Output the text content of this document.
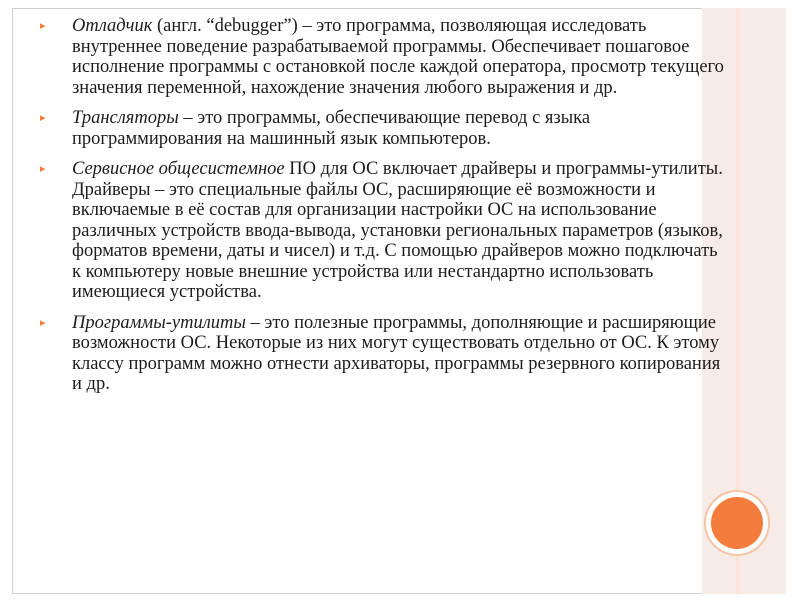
▸ Отладчик (англ. “debugger”) – это программа, позволяющая исследовать внутреннее поведение разрабатываемой программы. Обеспечивает пошаговое исполнение программы с остановкой после каждой оператора, просмотр текущего значения переменной, нахождение значения любого выражения и др.

▸ Трансляторы – это программы, обеспечивающие перевод с языка программирования на машинный язык компьютеров.

▸ Сервисное общесистемное ПО для ОС включает драйверы и программы-утилиты.
Драйверы – это специальные файлы ОС, расширяющие её возможности и включаемые в её состав для организации настройки ОС на использование различных устройств ввода-вывода, установки региональных параметров (языков, форматов времени, даты и чисел) и т.д. С помощью драйверов можно подключать к компьютеру новые внешние устройства или нестандартно использовать имеющиеся устройства.

▸ Программы-утилиты – это полезные программы, дополняющие и расширяющие возможности ОС. Некоторые из них могут существовать отдельно от ОС. К этому классу программ можно отнести архиваторы, программы резервного копирования и др.
